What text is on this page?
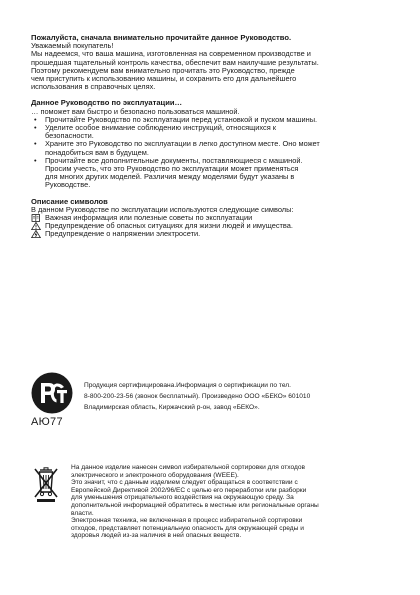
Пожалуйста, сначала внимательно прочитайте данное Руководство.
Уважаемый покупатель!
Мы надеемся, что ваша машина, изготовленная на современном производстве и
прошедшая тщательный контроль качества, обеспечит вам наилучшие результаты.
Поэтому рекомендуем вам внимательно прочитать это Руководство, прежде
чем приступить к использованию машины, и сохранить его для дальнейшего
использования в справочных целях.
Данное Руководство по эксплуатации…
… поможет вам быстро и безопасно пользоваться машиной.
• Прочитайте Руководство по эксплуатации перед установкой и пуском машины.
• Уделите особое внимание соблюдению инструкций, относящихся к
безопасности.
• Храните это Руководство по эксплуатации в легко доступном месте. Оно может
понадобиться вам в будущем.
• Прочитайте все дополнительные документы, поставляющиеся с машиной.
Просим учесть, что это Руководство по эксплуатации может применяться
для многих других моделей. Различия между моделями будут указаны в
Руководстве.
Описание символов
В данном Руководстве по эксплуатации используются следующие символы:
Важная информация или полезные советы по эксплуатации
Предупреждение об опасных ситуациях для жизни людей и имущества.
Предупреждение о напряжении электросети.
АЮ77
Продукция сертифицирована.Информация о сертификации по тел.
8-800-200-23-56 (звонок бесплатный). Произведено ООО «БЕКО» 601010
Владимирская область, Киржачский р-он, завод «БЕКО».
На данное изделие нанесен символ избирательной сортировки для отходов
электрического и электронного оборудования (WEEE).
Это значит, что с данным изделием следует обращаться в соответствии с
Европейской Директивой 2002/96/EC с целью его переработки или разборки
для уменьшения отрицательного воздействия на окружающую среду. За
дополнительной информацией обратитесь в местные или региональные органы
власти.
Электронная техника, не включенная в процесс избирательной сортировки
отходов, представляет потенциальную опасность для окружающей среды и
здоровья людей из-за наличия в ней опасных веществ.
